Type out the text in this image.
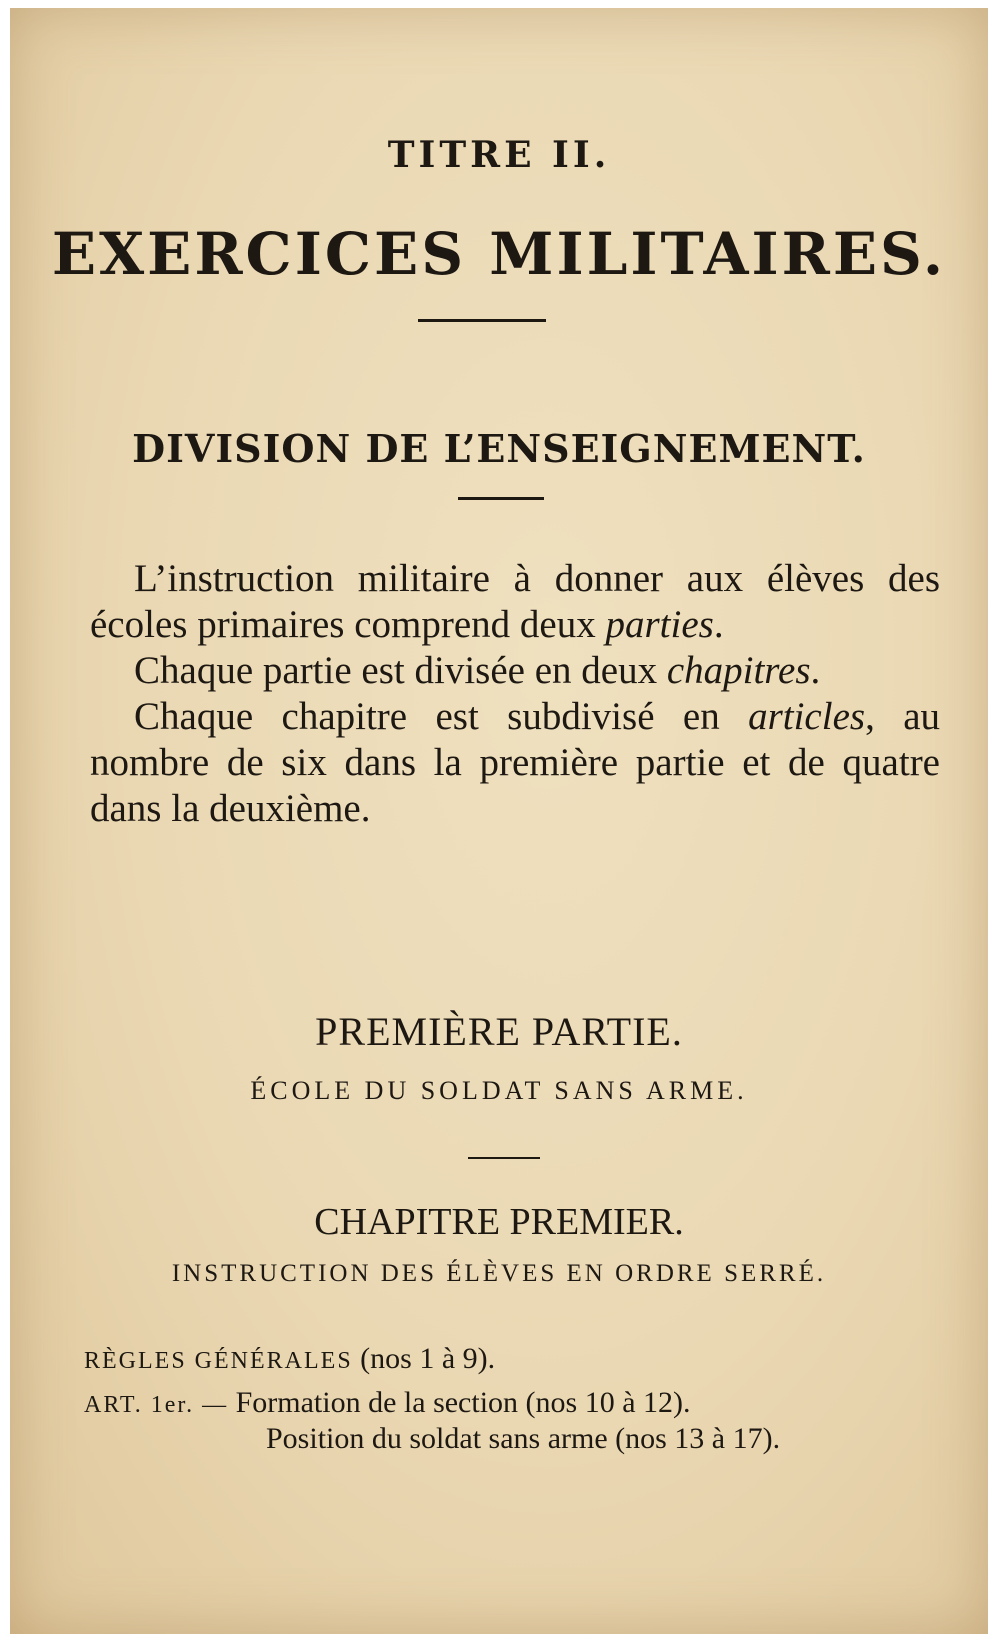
TITRE II.
EXERCICES MILITAIRES.
DIVISION DE L’ENSEIGNEMENT.

L’instruction militaire à donner aux élèves des écoles primaires comprend deux parties.

Chaque partie est divisée en deux chapitres.

Chaque chapitre est subdivisé en articles, au nombre de six dans la première partie et de quatre dans la deuxième.

PREMIÈRE PARTIE.
ÉCOLE DU SOLDAT SANS ARME.
CHAPITRE PREMIER.
INSTRUCTION DES ÉLÈVES EN ORDRE SERRÉ.
RÈGLES GÉNÉRALES (nos 1 à 9).
ART. 1er. — Formation de la section (nos 10 à 12).
Position du soldat sans arme (nos 13 à 17).
